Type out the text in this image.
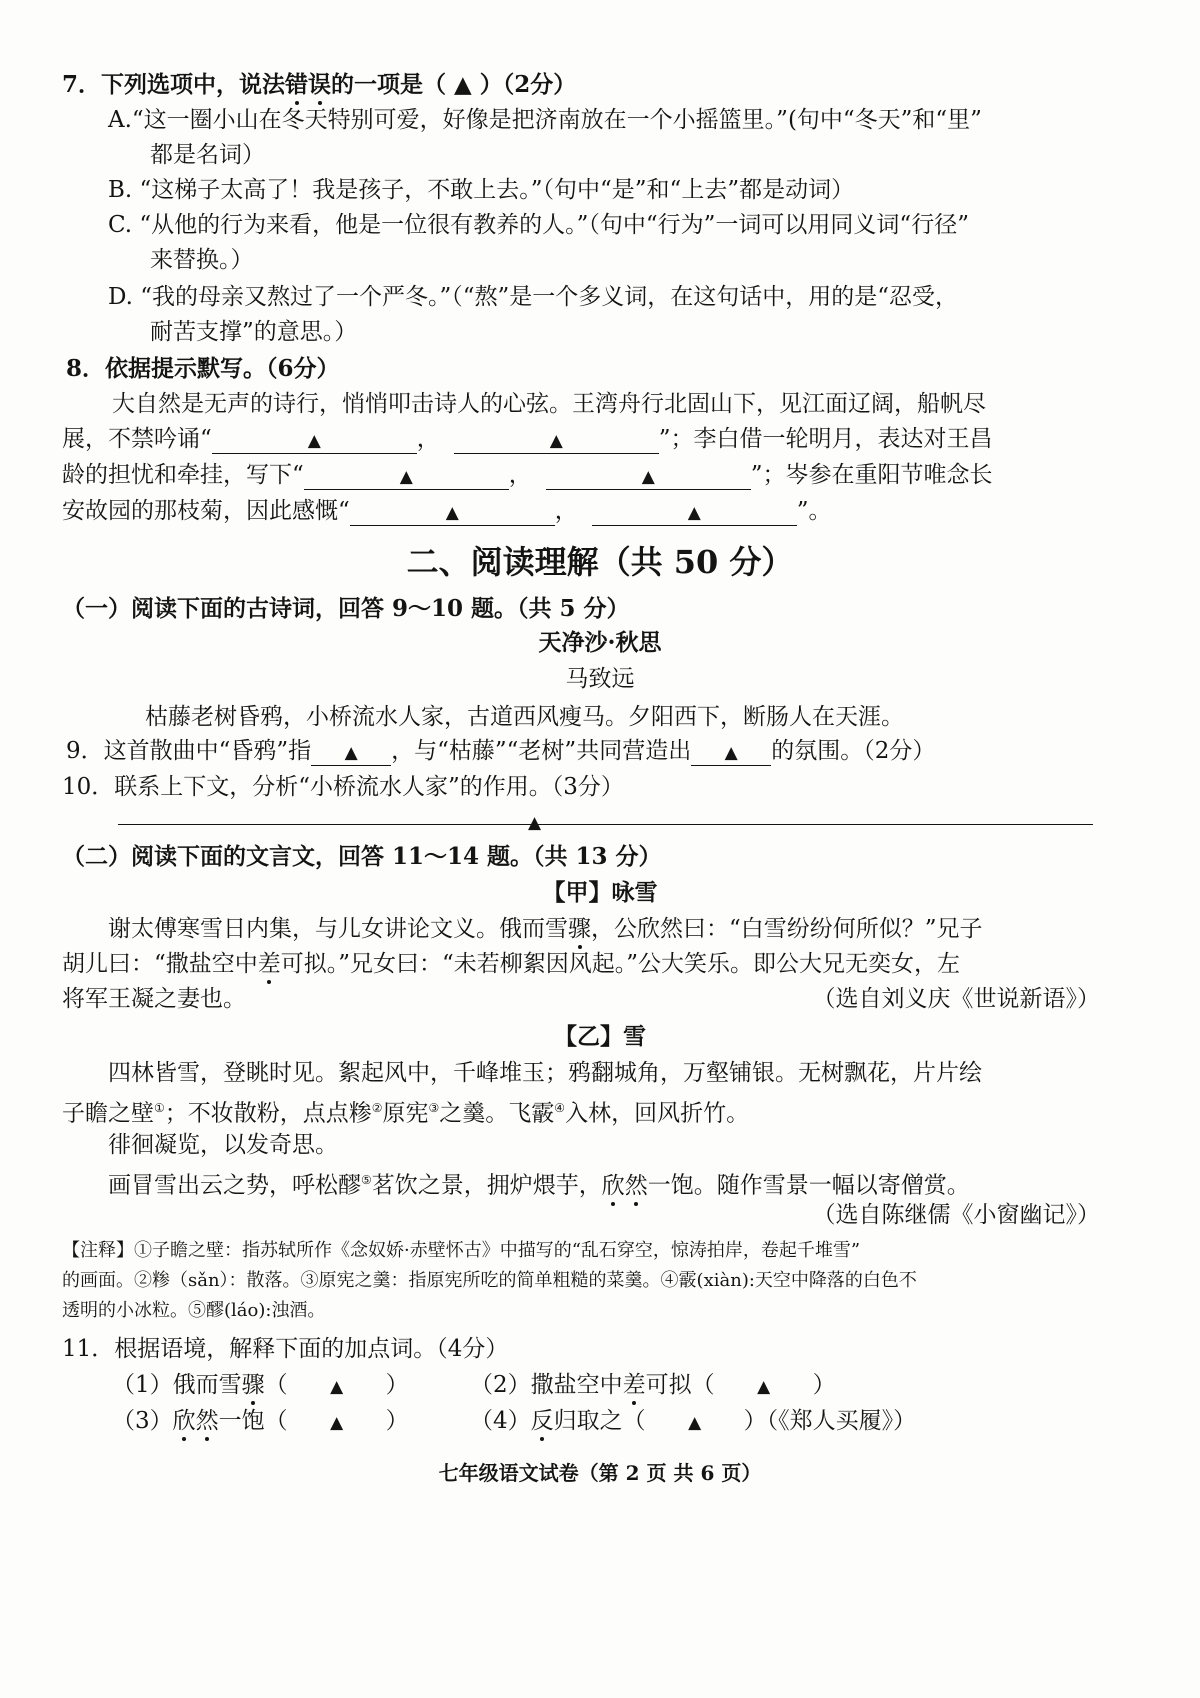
7．下列选项中，说法错误的一项是（ ▲ ）（2分）
A.“这一圈小山在冬天特别可爱，好像是把济南放在一个小摇篮里。”(句中“冬天”和“里”
都是名词）
B. “这梯子太高了！我是孩子，不敢上去。”（句中“是”和“上去”都是动词）
C. “从他的行为来看，他是一位很有教养的人。”（句中“行为”一词可以用同义词“行径”
来替换。）
D. “我的母亲又熬过了一个严冬。”（“熬”是一个多义词，在这句话中，用的是“忍受，
耐苦支撑”的意思。）
8．依据提示默写。（6分）
大自然是无声的诗行，悄悄叩击诗人的心弦。王湾舟行北固山下，见江面辽阔，船帆尽
展，不禁吟诵“	▲	，	▲	”；李白借一轮明月，表达对王昌
龄的担忧和牵挂，写下“	▲	，	▲	”；岑参在重阳节唯念长
安故园的那枝菊，因此感慨“	▲	，	▲	”。
二、阅读理解（共 50 分）
（一）阅读下面的古诗词，回答 9～10 题。（共 5 分）
天净沙·秋思
马致远
枯藤老树昏鸦，小桥流水人家，古道西风瘦马。夕阳西下，断肠人在天涯。
9．这首散曲中“昏鸦”指 ▲ ，与“枯藤”“老树”共同营造出 ▲ 的氛围。（2分）
10．联系上下文，分析“小桥流水人家”的作用。（3分）
▲
（二）阅读下面的文言文，回答 11～14 题。（共 13 分）
【甲】咏雪
谢太傅寒雪日内集，与儿女讲论文义。俄而雪骤，公欣然曰：“白雪纷纷何所似？”兄子
胡儿曰：“撒盐空中差可拟。”兄女曰：“未若柳絮因风起。”公大笑乐。即公大兄无奕女，左
将军王凝之妻也。	（选自刘义庆《世说新语》）
【乙】雪
四林皆雪，登眺时见。絮起风中，千峰堆玉；鸦翻城角，万壑铺银。无树飘花，片片绘
子瞻之壁①；不妆散粉，点点糁②原宪③之羹。飞霰④入林，回风折竹。
徘徊凝览，以发奇思。
画冒雪出云之势，呼松醪⑤茗饮之景，拥炉煨芋，欣然一饱。随作雪景一幅以寄僧赏。
（选自陈继儒《小窗幽记》）
【注释】①子瞻之壁：指苏轼所作《念奴娇·赤壁怀古》中描写的“乱石穿空，惊涛拍岸，卷起千堆雪”
的画面。②糁（sǎn）：散落。③原宪之羹：指原宪所吃的简单粗糙的菜羹。④霰(xiàn):天空中降落的白色不
透明的小冰粒。⑤醪(láo):浊酒。
11．根据语境，解释下面的加点词。（4分）
（1）俄而雪骤（ ▲ ）	（2）撒盐空中差可拟（ ▲ ）
（3）欣然一饱（ ▲ ）	（4）反归取之（ ▲ ）（《郑人买履》）
七年级语文试卷（第 2 页 共 6 页）
